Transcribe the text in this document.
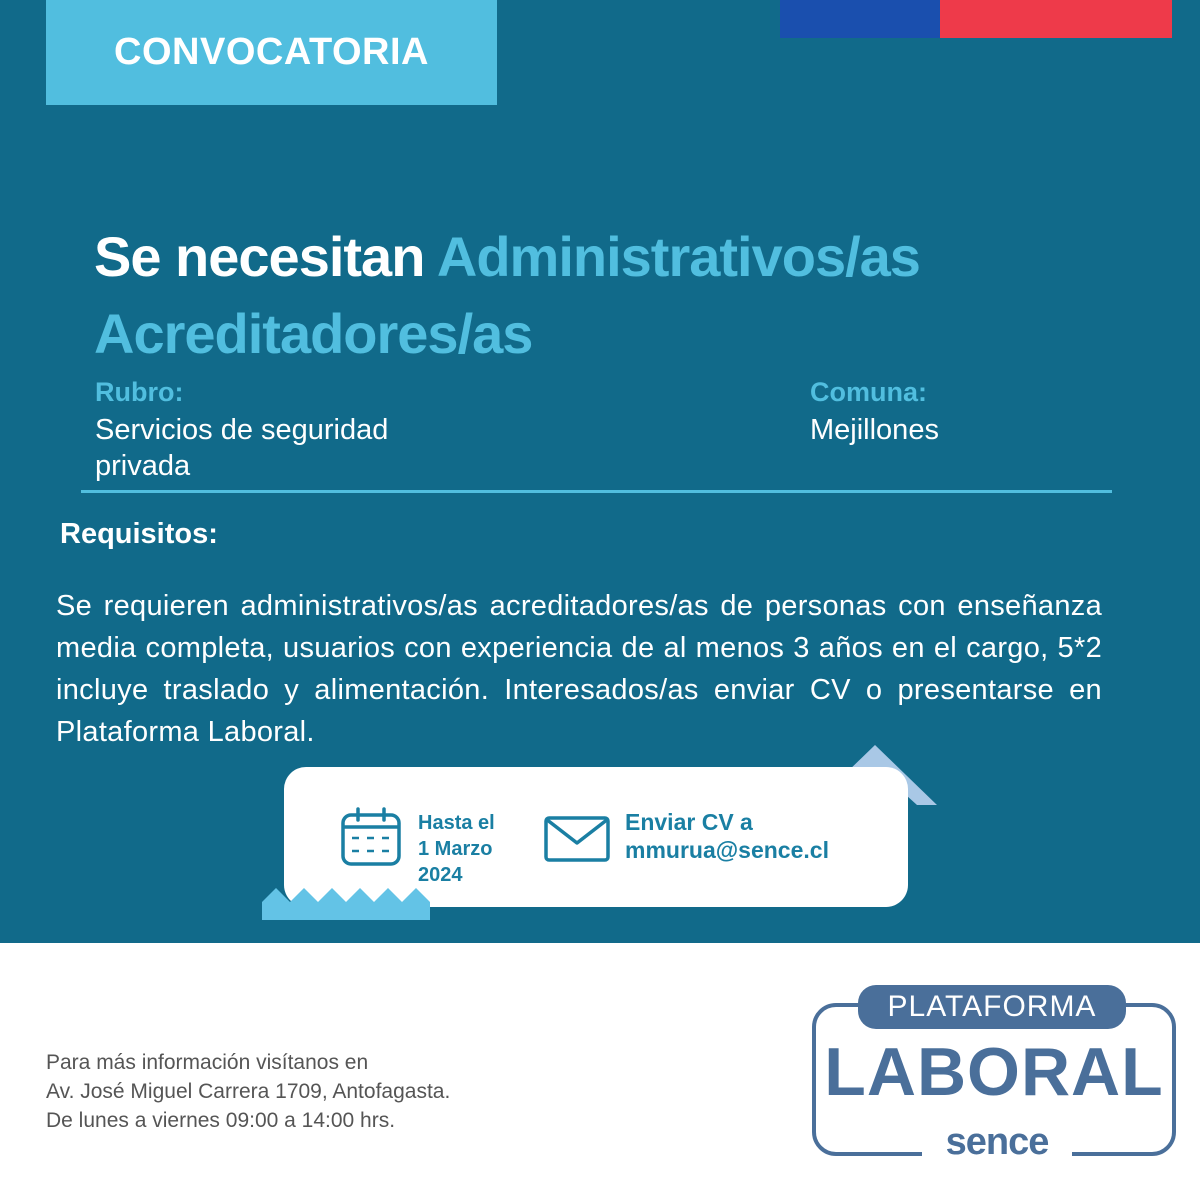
CONVOCATORIA
Se necesitan Administrativos/as
Acreditadores/as
Rubro:
Servicios de seguridad
privada
Comuna:
Mejillones
Requisitos:
Se requieren administrativos/as acreditadores/as de personas con enseñanza media completa, usuarios con experiencia de al menos 3 años en el cargo, 5*2 incluye traslado y alimentación. Interesados/as enviar CV o presentarse en Plataforma Laboral.
Hasta el
1 Marzo
2024
Enviar CV a
mmurua@sence.cl
Para más información visítanos en
Av. José Miguel Carrera 1709, Antofagasta.
De lunes a viernes 09:00 a 14:00 hrs.
PLATAFORMA
LABORAL
sence
